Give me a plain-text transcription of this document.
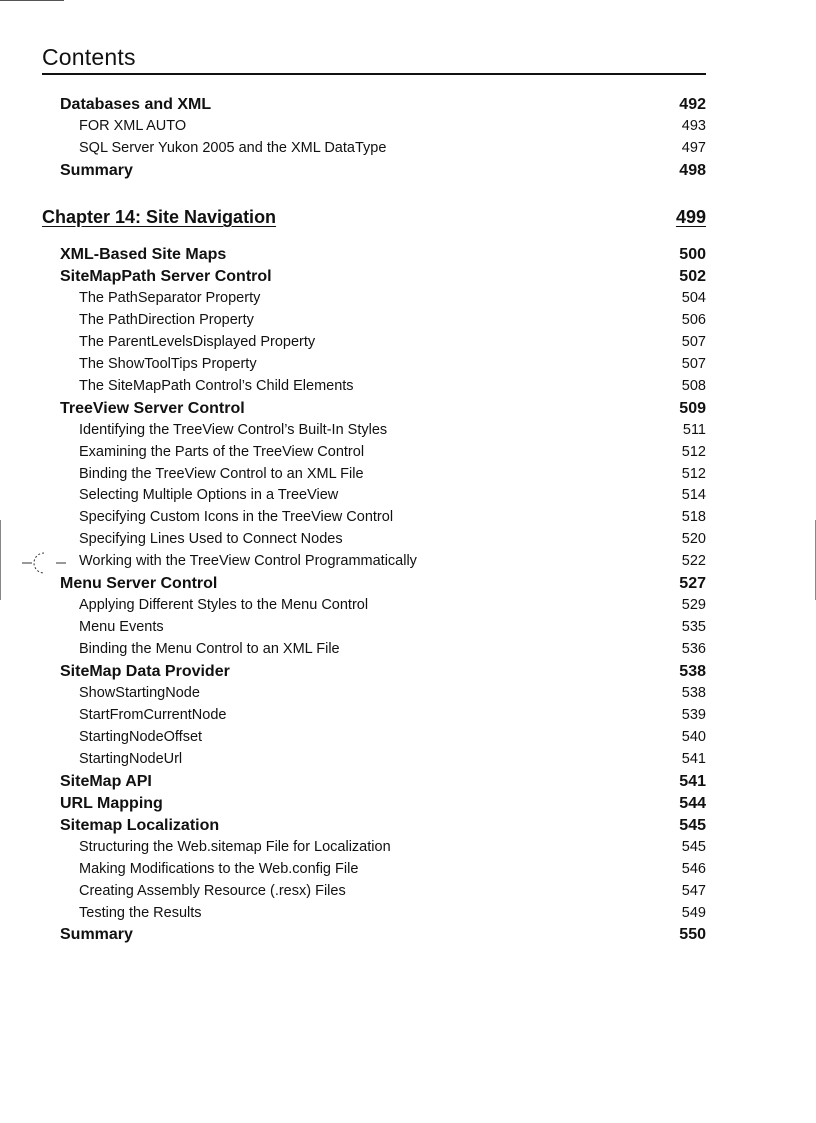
Contents
Databases and XML	492
FOR XML AUTO	493
SQL Server Yukon 2005 and the XML DataType	497
Summary	498
Chapter 14: Site Navigation	499
XML-Based Site Maps	500
SiteMapPath Server Control	502
The PathSeparator Property	504
The PathDirection Property	506
The ParentLevelsDisplayed Property	507
The ShowToolTips Property	507
The SiteMapPath Control’s Child Elements	508
TreeView Server Control	509
Identifying the TreeView Control’s Built-In Styles	511
Examining the Parts of the TreeView Control	512
Binding the TreeView Control to an XML File	512
Selecting Multiple Options in a TreeView	514
Specifying Custom Icons in the TreeView Control	518
Specifying Lines Used to Connect Nodes	520
Working with the TreeView Control Programmatically	522
Menu Server Control	527
Applying Different Styles to the Menu Control	529
Menu Events	535
Binding the Menu Control to an XML File	536
SiteMap Data Provider	538
ShowStartingNode	538
StartFromCurrentNode	539
StartingNodeOffset	540
StartingNodeUrl	541
SiteMap API	541
URL Mapping	544
Sitemap Localization	545
Structuring the Web.sitemap File for Localization	545
Making Modifications to the Web.config File	546
Creating Assembly Resource (.resx) Files	547
Testing the Results	549
Summary	550
